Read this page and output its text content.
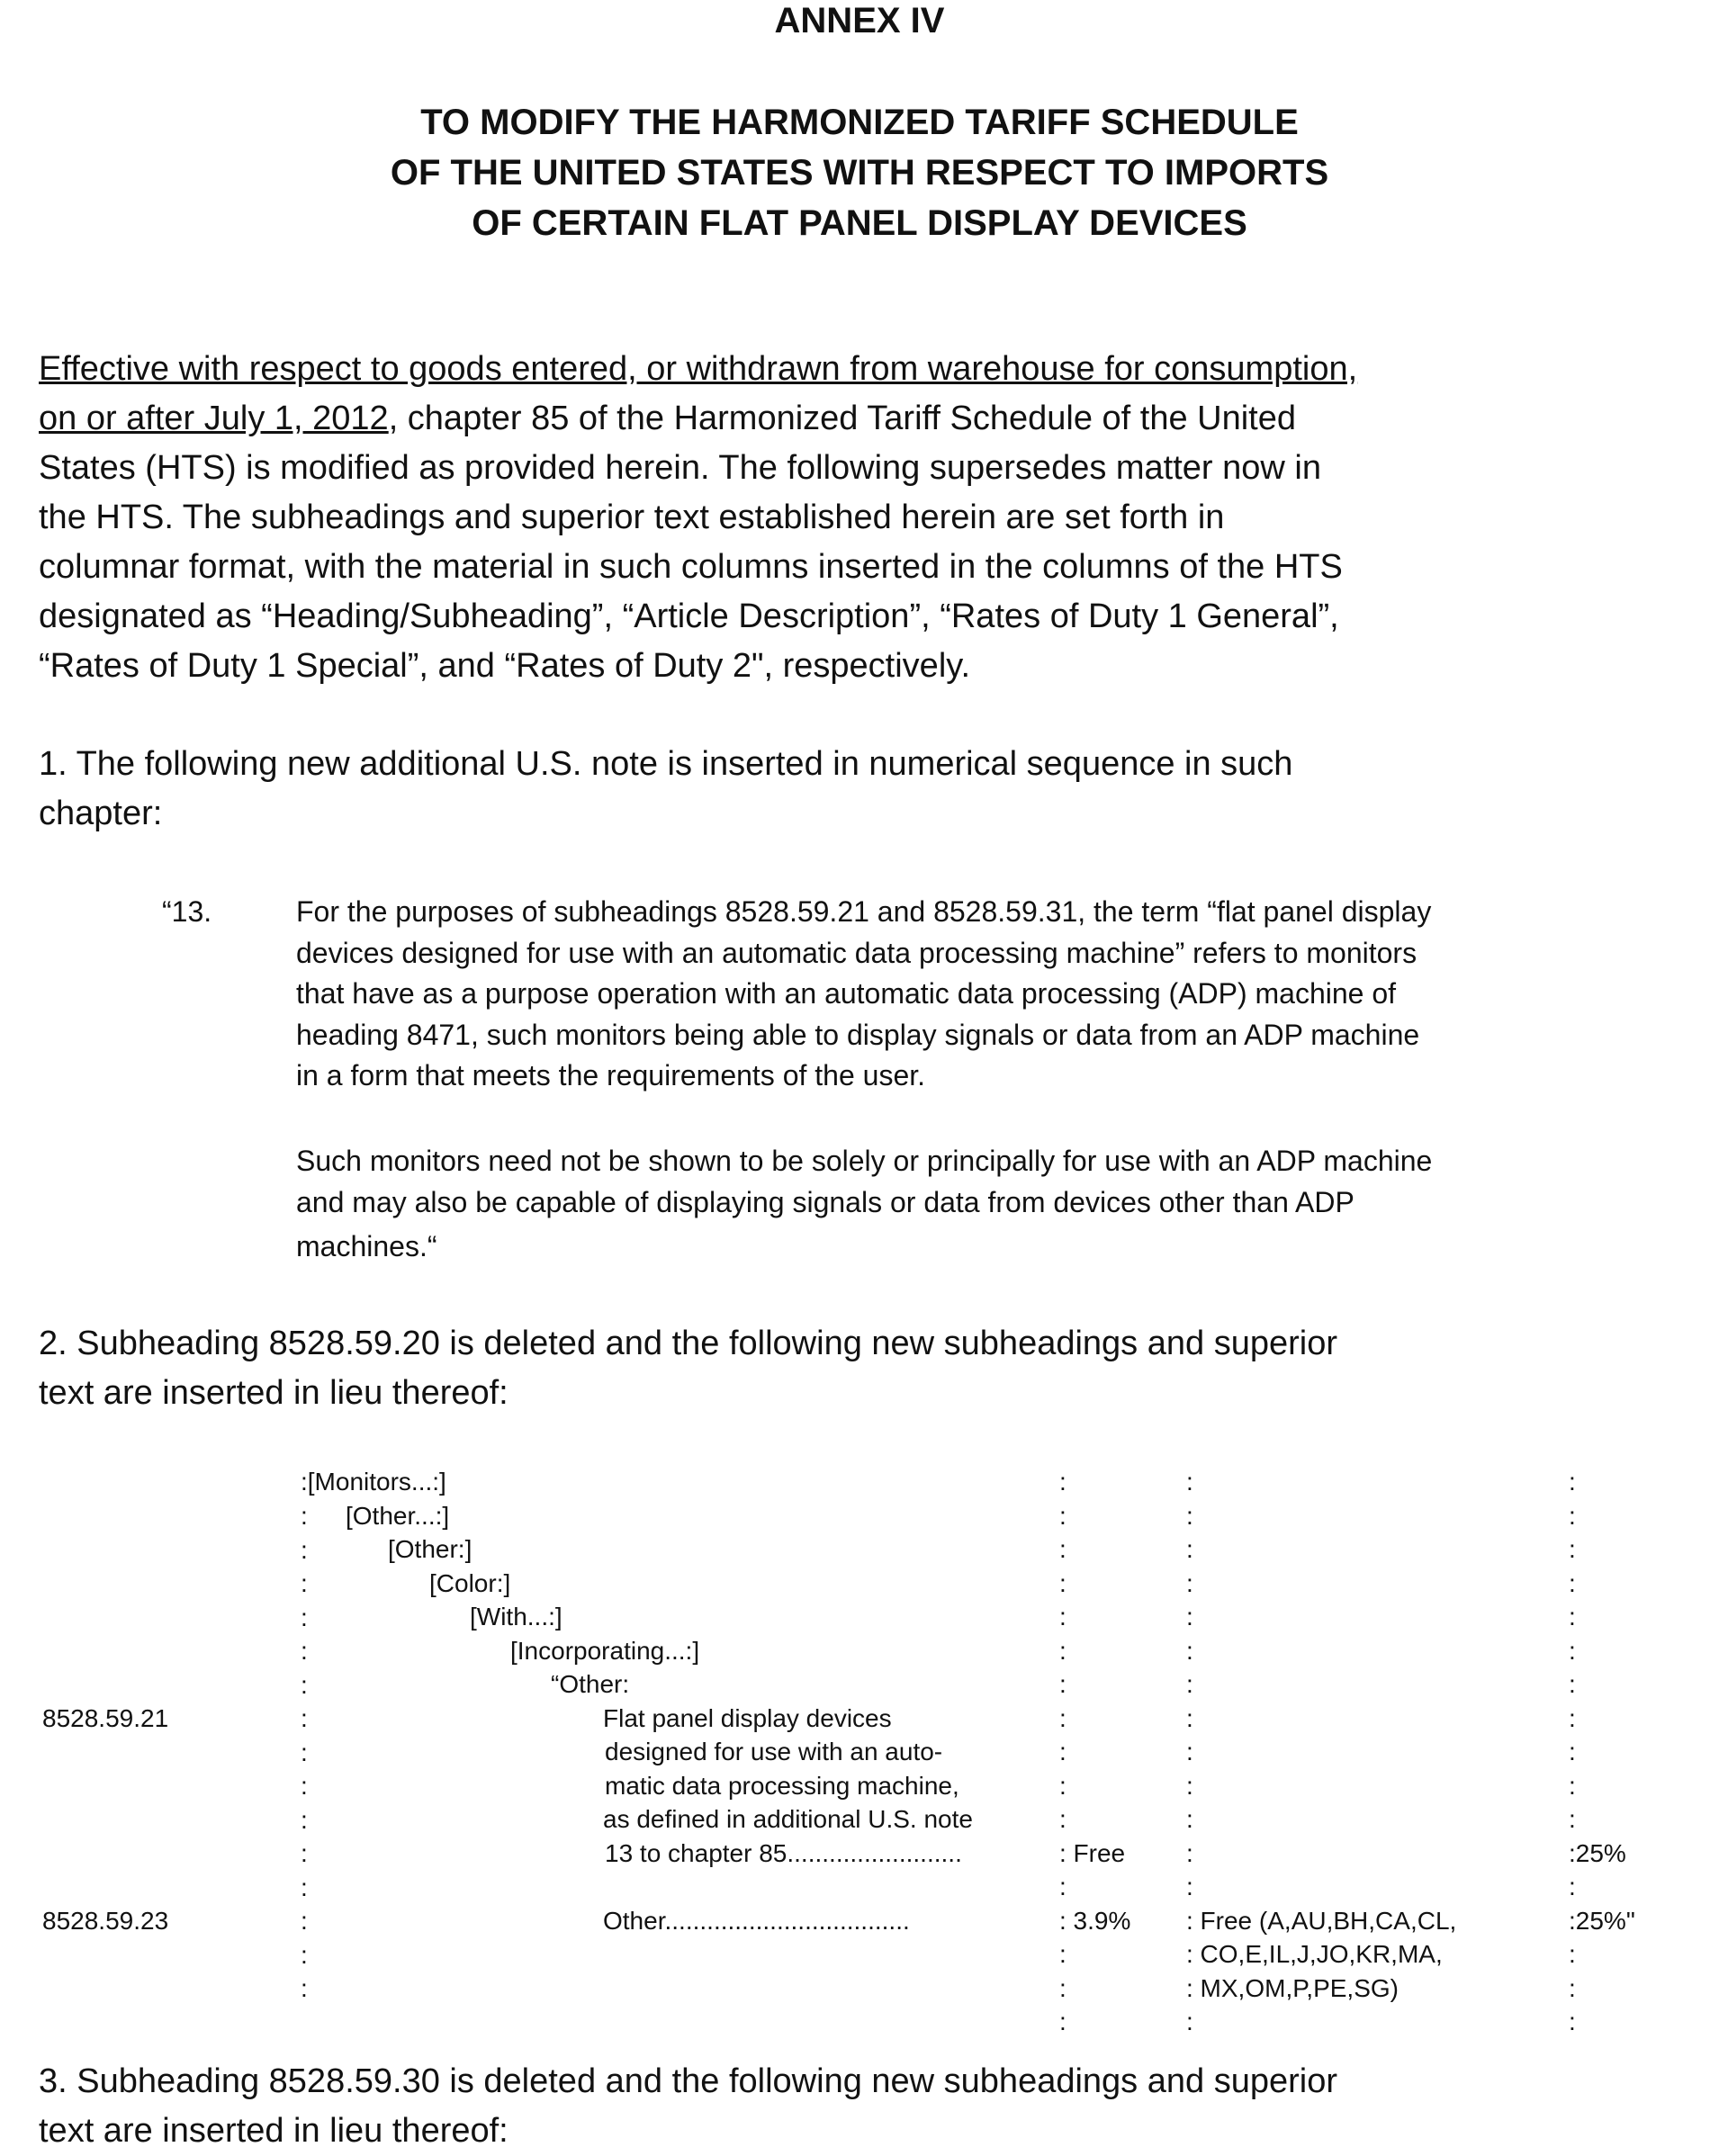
ANNEX IV
TO MODIFY THE HARMONIZED TARIFF SCHEDULE
OF THE UNITED STATES WITH RESPECT TO IMPORTS
OF CERTAIN FLAT PANEL DISPLAY DEVICES
Effective with respect to goods entered, or withdrawn from warehouse for consumption,
on or after July 1, 2012, chapter 85 of the Harmonized Tariff Schedule of the United
States (HTS) is modified as provided herein. The following supersedes matter now in
the HTS. The subheadings and superior text established herein are set forth in
columnar format, with the material in such columns inserted in the columns of the HTS
designated as “Heading/Subheading”, “Article Description”, “Rates of Duty 1 General”,
“Rates of Duty 1 Special”, and “Rates of Duty 2", respectively.
1. The following new additional U.S. note is inserted in numerical sequence in such
chapter:
“13.	For the purposes of subheadings 8528.59.21 and 8528.59.31, the term “flat panel display
devices designed for use with an automatic data processing machine” refers to monitors
that have as a purpose operation with an automatic data processing (ADP) machine of
heading 8471, such monitors being able to display signals or data from an ADP machine
in a form that meets the requirements of the user.
Such monitors need not be shown to be solely or principally for use with an ADP machine
and may also be capable of displaying signals or data from devices other than ADP
machines.“
2. Subheading 8528.59.20 is deleted and the following new subheadings and superior
text are inserted in lieu thereof:
:[Monitors...:]
[Other...:]
[Other:]
[Color:]
[With...:]
[Incorporating...:]
“Other:
8528.59.21	Flat panel display devices
designed for use with an auto-
matic data processing machine,
as defined in additional U.S. note
13 to chapter 85.........................	: Free :	:25%
8528.59.23	Other...................................	: 3.9% : Free (A,AU,BH,CA,CL,
: CO,E,IL,J,JO,KR,MA,
: MX,OM,P,PE,SG)
:25%"
:
:
:
:
:
:
:
:
:
:
:
:
:
:
:
:
:
:
:
:
:
:
:
:
:
:
:
:
:
:
:
:
:
:
:
:
:
:
:
:
:
:
:
:
:
:
:
:
:
:
:
:
:
:
:
:
:
:
3. Subheading 8528.59.30 is deleted and the following new subheadings and superior
text are inserted in lieu thereof:
